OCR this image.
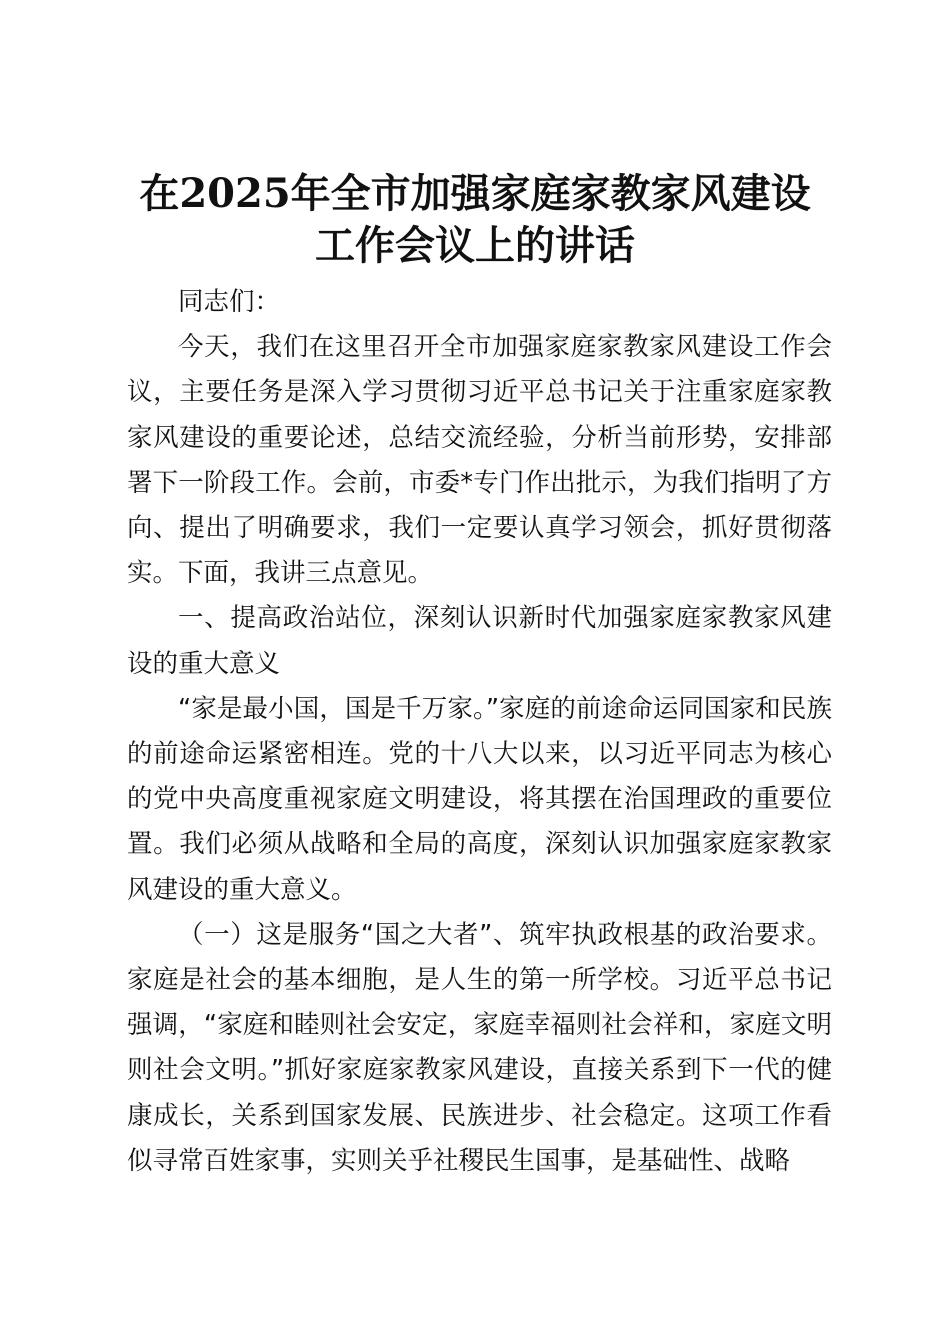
在2025年全市加强家庭家教家风建设
工作会议上的讲话

同志们：

今天，我们在这里召开全市加强家庭家教家风建设工作会议，主要任务是深入学习贯彻习近平总书记关于注重家庭家教家风建设的重要论述，总结交流经验，分析当前形势，安排部署下一阶段工作。会前，市委*专门作出批示，为我们指明了方向、提出了明确要求，我们一定要认真学习领会，抓好贯彻落实。下面，我讲三点意见。

一、提高政治站位，深刻认识新时代加强家庭家教家风建设的重大意义

“家是最小国，国是千万家。”家庭的前途命运同国家和民族的前途命运紧密相连。党的十八大以来，以习近平同志为核心的党中央高度重视家庭文明建设，将其摆在治国理政的重要位置。我们必须从战略和全局的高度，深刻认识加强家庭家教家风建设的重大意义。

（一）这是服务“国之大者”、筑牢执政根基的政治要求。家庭是社会的基本细胞，是人生的第一所学校。习近平总书记强调，“家庭和睦则社会安定，家庭幸福则社会祥和，家庭文明则社会文明。”抓好家庭家教家风建设，直接关系到下一代的健康成长，关系到国家发展、民族进步、社会稳定。这项工作看似寻常百姓家事，实则关乎社稷民生国事，是基础性、战略
